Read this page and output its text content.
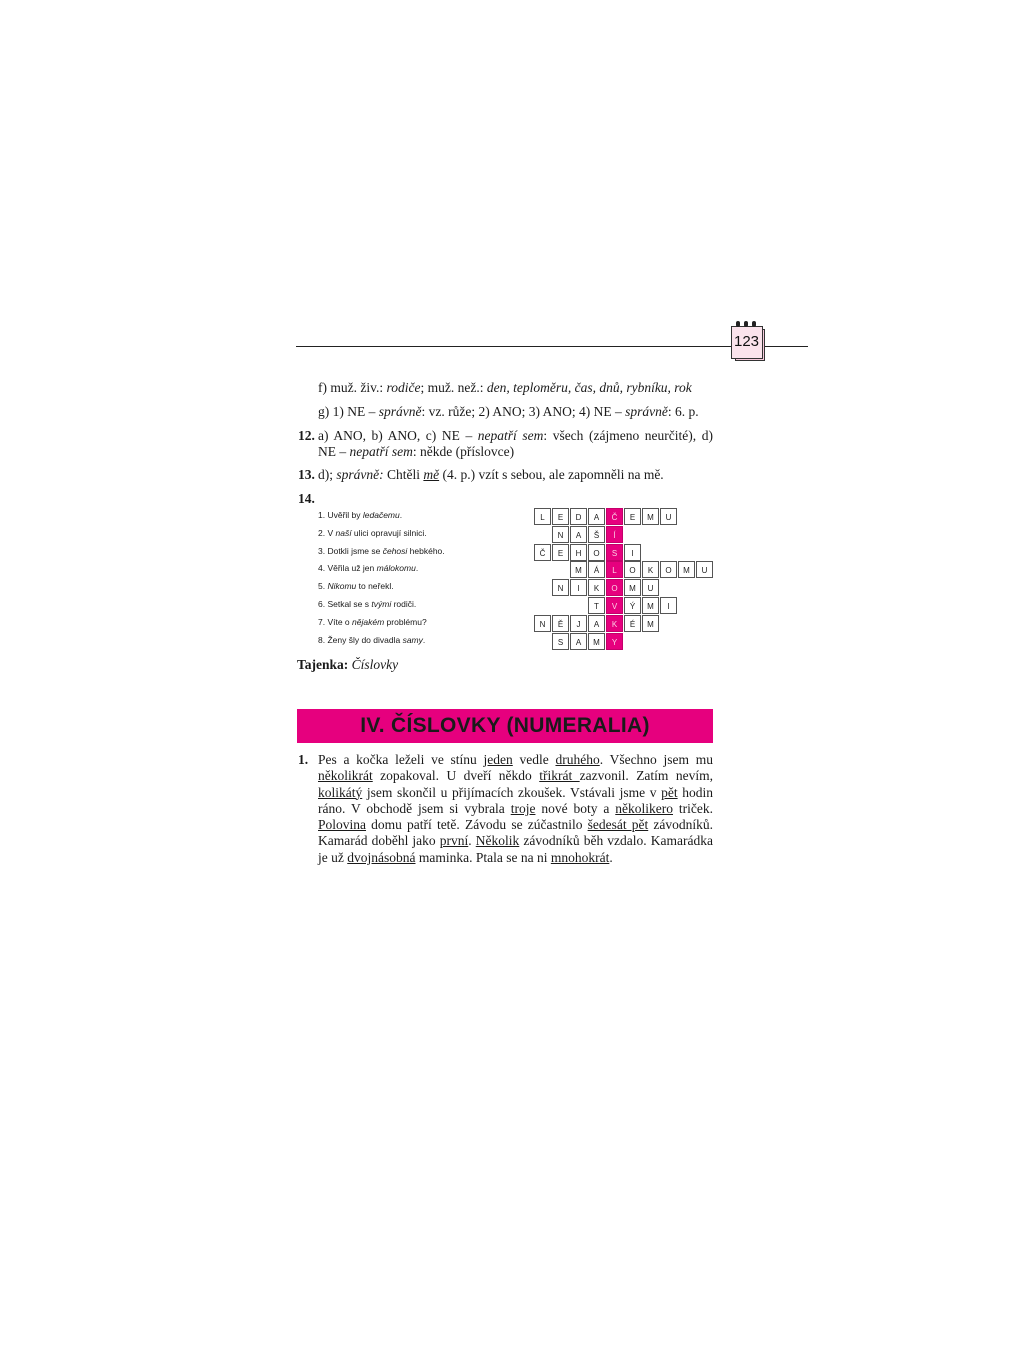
123
f) muž. živ.: rodiče; muž. než.: den, teploměru, čas, dnů, rybníku, rok
g) 1) NE – správně: vz. růže; 2) ANO; 3) ANO; 4) NE – správně: 6. p.
12. a) ANO, b) ANO, c) NE – nepatří sem: všech (zájmeno neurčité), d)
NE – nepatří sem: někde (příslovce)
13. d); správně: Chtěli mě (4. p.) vzít s sebou, ale zapomněli na mě.
14.
1. Uvěřil by ledačemu.
2. V naší ulici opravují silnici.
3. Dotkli jsme se čehosi hebkého.
4. Věřila už jen málokomu.
5. Nikomu to neřekl.
6. Setkal se s tvými rodiči.
7. Víte o nějakém problému?
8. Ženy šly do divadla samy.
L	E	D	A	Č	E	M	U
N	A	Š	Í
Č	E	H	O	S	I
M	Á	L	O	K	O	M	U
N	I	K	O	M	U
T	V	Ý	M	I
N	Ě	J	A	K	É	M
S	A	M	Y
Tajenka: Číslovky
IV. ČÍSLOVKY (NUMERALIA)
1. Pes a kočka leželi ve stínu jeden vedle druhého. Všechno jsem mu několikrát zopakoval. U dveří někdo třikrát zazvonil. Zatím nevím, kolikátý jsem skončil u přijímacích zkoušek. Vstávali jsme v pět hodin ráno. V obchodě jsem si vybrala troje nové boty a několikero triček. Polovina domu patří tetě. Závodu se zúčastnilo šedesát pět závodníků. Kamarád doběhl jako první. Několik závodníků běh vzdalo. Kamarádka je už dvojnásobná maminka. Ptala se na ni mnohokrát.
